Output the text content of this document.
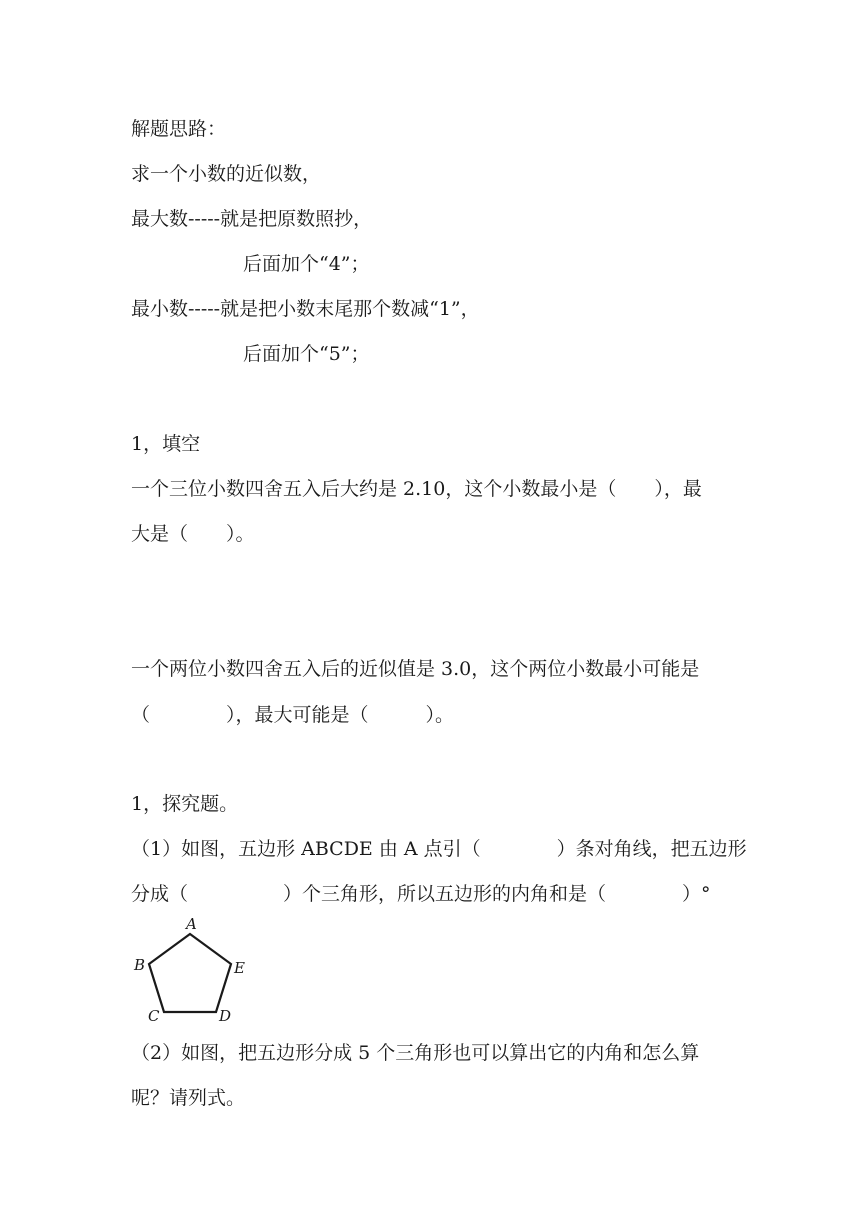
解题思路：
求一个小数的近似数，
最大数-----就是把原数照抄，
后面加个“4”；
最小数-----就是把小数末尾那个数减“1”，
后面加个“5”；
1，填空
一个三位小数四舍五入后大约是 2.10，这个小数最小是（　　），最
大是（　　）。
一个两位小数四舍五入后的近似值是 3.0，这个两位小数最小可能是
（　　　　），最大可能是（　　　）。
1，探究题。
（1）如图，五边形 ABCDE 由 A 点引（　　　　）条对角线，把五边形
分成（　　　　　）个三角形，所以五边形的内角和是（　　　　）°
A
B	E
C	D
（2）如图，把五边形分成 5 个三角形也可以算出它的内角和怎么算
呢？请列式。
